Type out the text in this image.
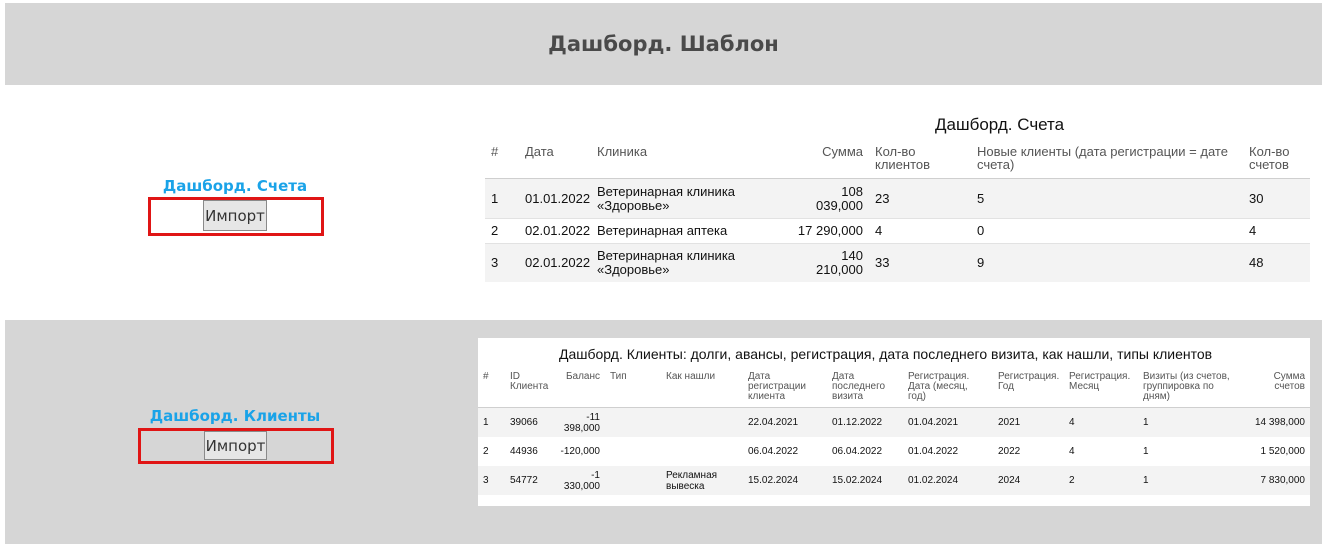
Дашборд. Шаблон
Дашборд. Счета
Импорт
Дашборд. Счета
#	Дата	Клиника	Сумма	Кол-во клиентов	Новые клиенты (дата регистрации = дате счета)	Кол-во счетов
1	01.01.2022	Ветеринарная клиника «Здоровье»	108 039,000	23	5	30
2	02.01.2022	Ветеринарная аптека	17 290,000	4	0	4
3	02.01.2022	Ветеринарная клиника «Здоровье»	140 210,000	33	9	48
Дашборд. Клиенты
Импорт
Дашборд. Клиенты: долги, авансы, регистрация, дата последнего визита, как нашли, типы клиентов
#	ID Клиента	Баланс	Тип	Как нашли	Дата регистрации клиента	Дата последнего визита	Регистрация. Дата (месяц, год)	Регистрация. Год	Регистрация. Месяц	Визиты (из счетов, группировка по дням)	Сумма счетов
1	39066	-11 398,000			22.04.2021	01.12.2022	01.04.2021	2021	4	1	14 398,000
2	44936	-120,000			06.04.2022	06.04.2022	01.04.2022	2022	4	1	1 520,000
3	54772	-1 330,000		Рекламная вывеска	15.02.2024	15.02.2024	01.02.2024	2024	2	1	7 830,000
